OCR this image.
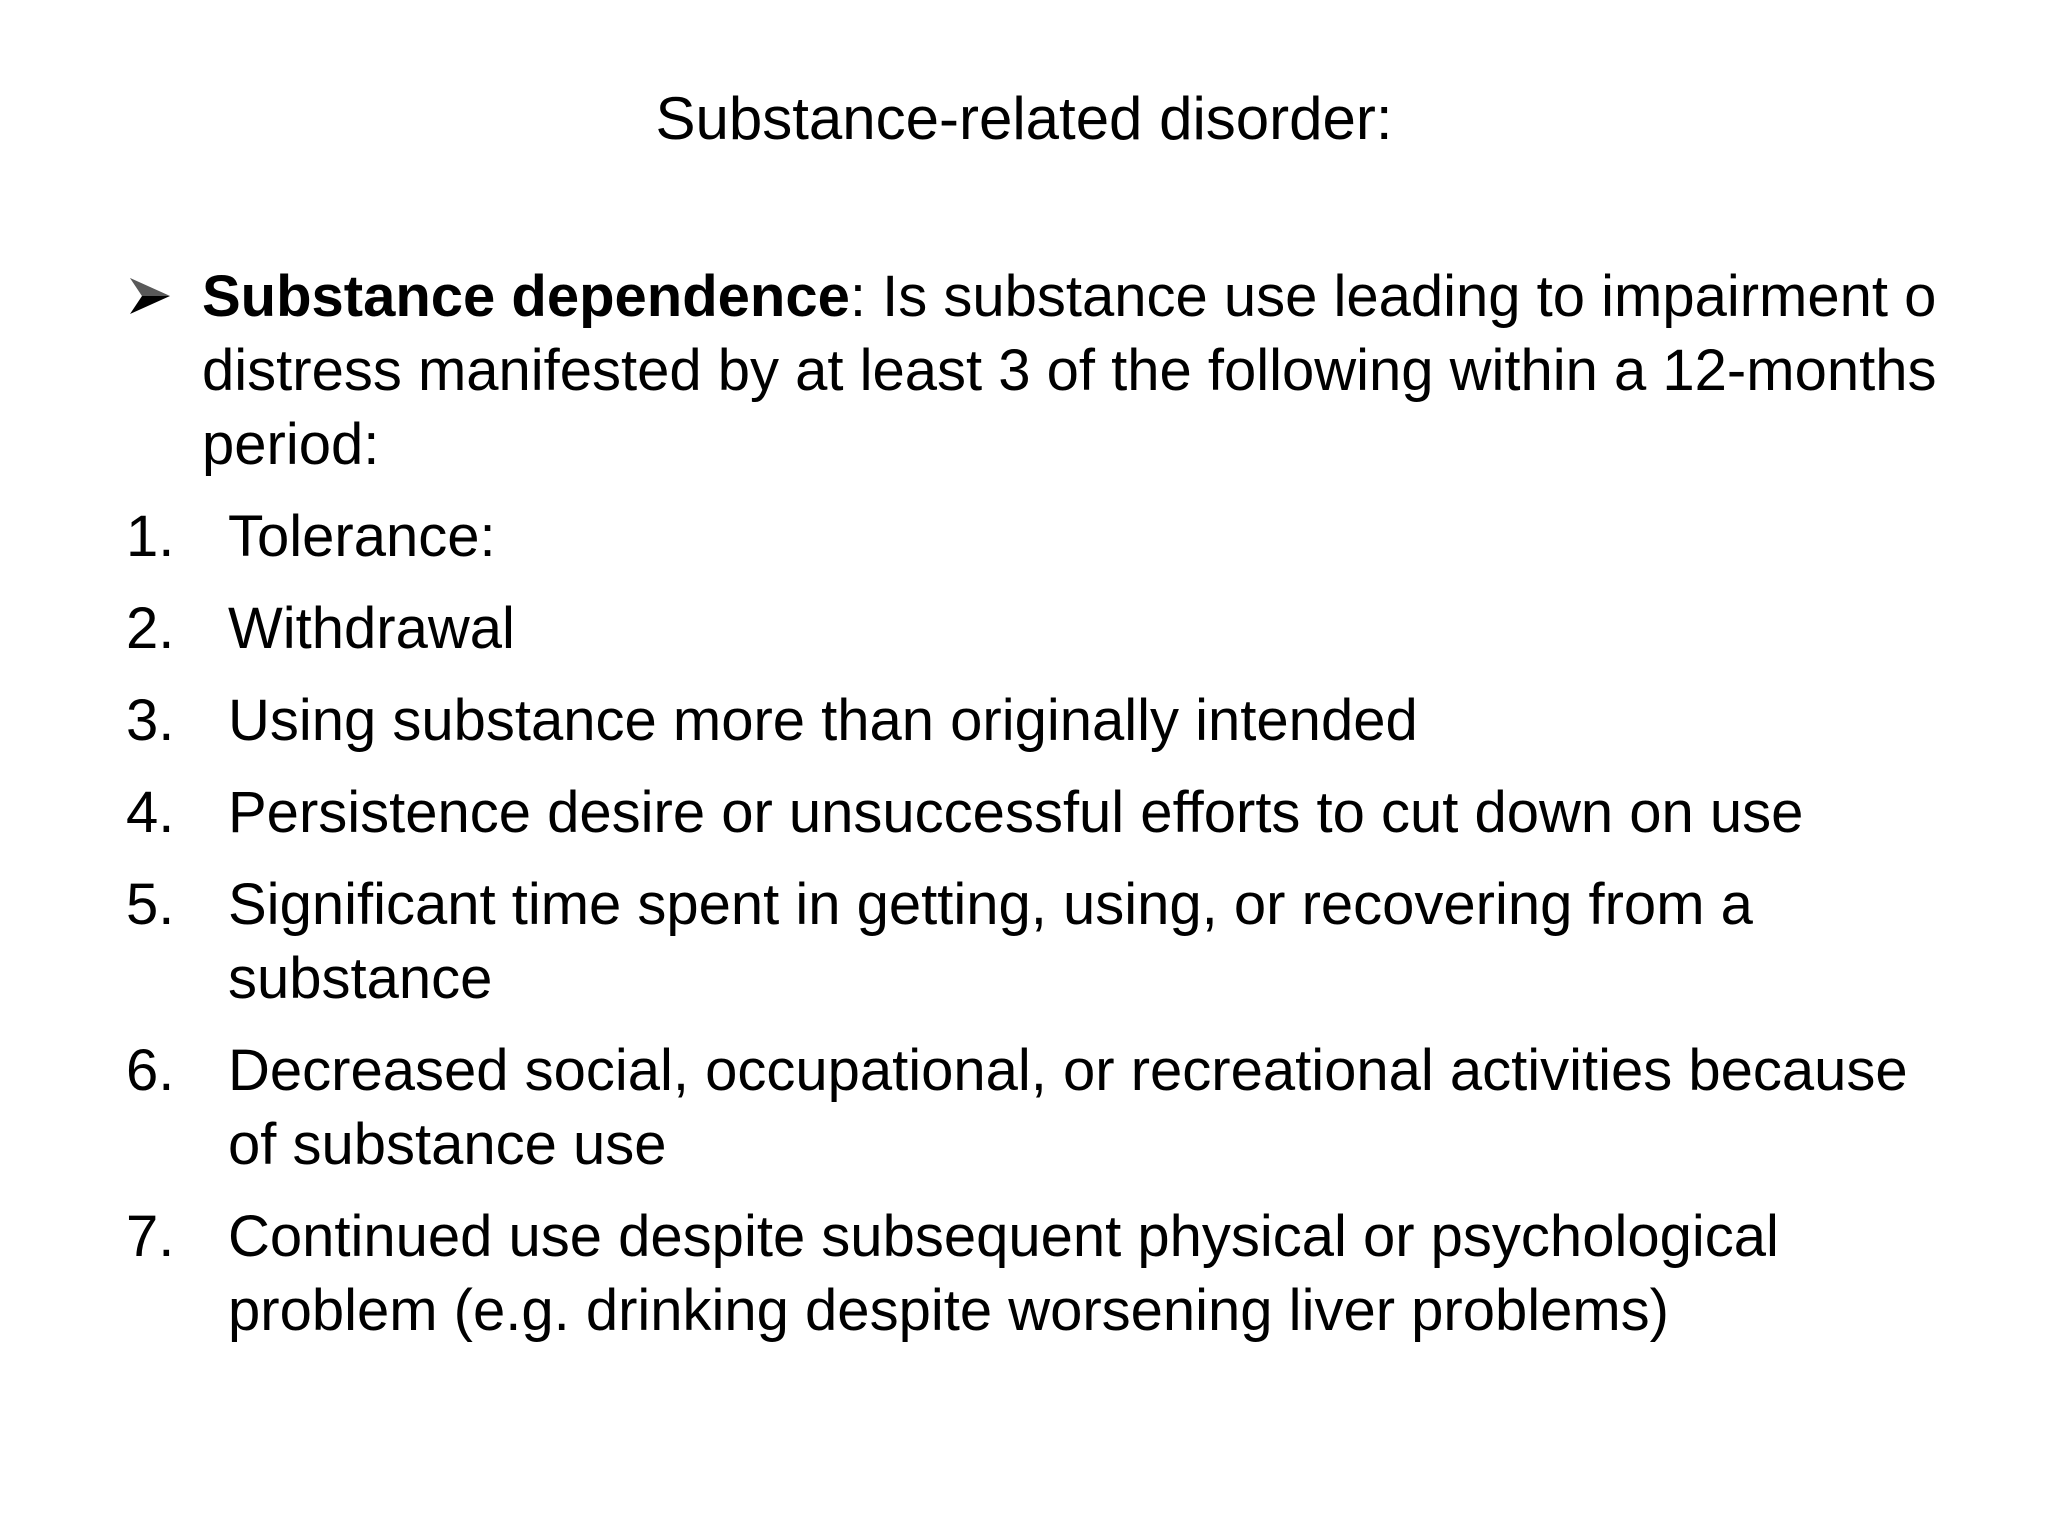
Substance-related disorder:
Substance dependence: Is substance use leading to impairment o distress manifested by at least 3 of the following within a 12-months period:
1. Tolerance:
2. Withdrawal
3. Using substance more than originally intended
4. Persistence desire or unsuccessful efforts to cut down on use
5. Significant time spent in getting, using, or recovering from a substance
6. Decreased social, occupational, or recreational activities because of substance use
7. Continued use despite subsequent physical or psychological problem (e.g. drinking despite worsening liver problems)
